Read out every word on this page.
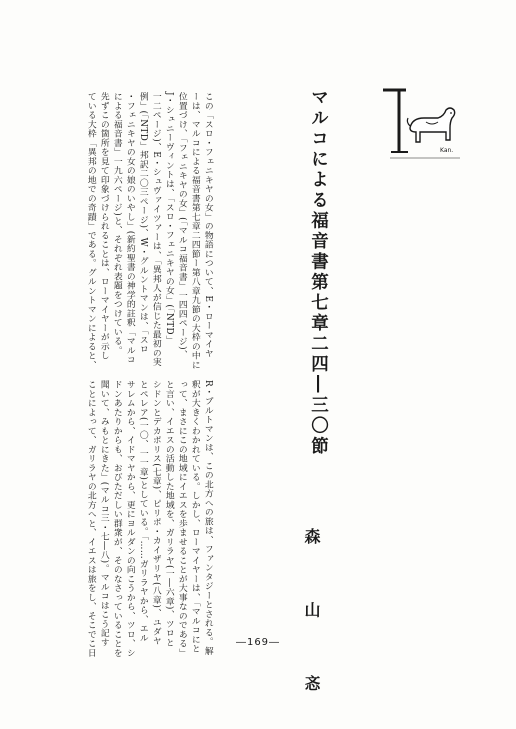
Kan.
マルコによる福音書第七章二四―三〇節
森 山 忞
この「スロ・フェニキヤの女」の物語について、E・ローマイヤ
ーは、マルコによる福音書第七章二四節ー第八章九節の大枠の中に
位置づけ、「フェニキヤの女」(「マルコ福音書」一四四ページ)、
J・シュニーヴィントは、「スロ・フェニキヤの女」(「NTD」
一二ページ)、E・シュヴァイツァーは、「異邦人が信じた最初の実
例」(「NTD」邦訳二〇三ページ)、W・グルントマンは、「スロ
・フェニキヤの女の娘のいやし」(新約聖書の神学的註釈「マルコ
による福音書」一九六ページ)と、それぞれ表題をつけている。
先ずこの箇所を見て印象づけられることは、ローマイヤーが示し
ている大枠「異邦の地での奇蹟」である。グルントマンによると、
R・ブルトマンは、この北方への旅は、ファンタジーとされる。解
釈が大きくわかれている。しかし、ローマイヤーは、「マルコにと
って、まさにこの地域にイエスを歩ませることが大事なのである」
と言い、イエスの活動した地域を、ガリラヤ(一―六章)、ツロと
シドンとデカポリス(七章)、ピリポ・カイザリヤ(八章)、ユダヤ
とペレア(一〇、一一章)としている。「……ガリラヤから、エル
サレムから、イドマヤから、更にヨルダンの向こうから、ツロ、シ
ドンあたりからも、おびただしい群衆が、そのなさっていることを
聞いて、みもとにきた」(マルコ三・七―八)。マルコはこう記す
ことによって、ガリラヤの北方へと、イエスは旅をし、そこでこ日	―169―
